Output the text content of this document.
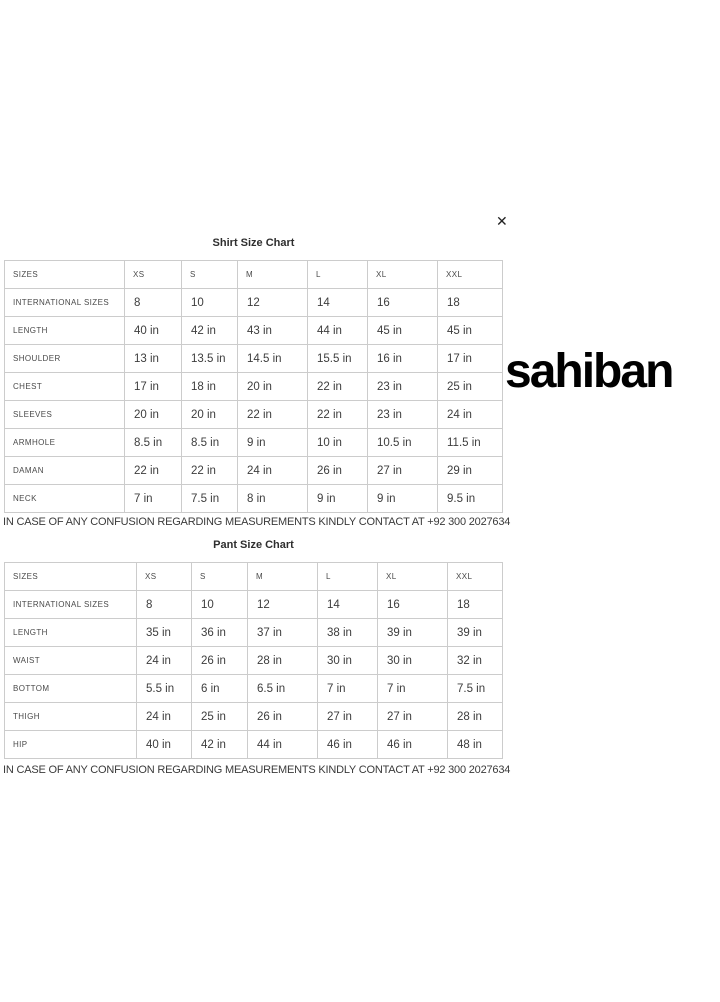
✕
Shirt Size Chart
SIZES	XS	S	M	L	XL	XXL
INTERNATIONAL SIZES	8	10	12	14	16	18
LENGTH	40 in	42 in	43 in	44 in	45 in	45 in
SHOULDER	13 in	13.5 in	14.5 in	15.5 in	16 in	17 in
CHEST	17 in	18 in	20 in	22 in	23 in	25 in
SLEEVES	20 in	20 in	22 in	22 in	23 in	24 in
ARMHOLE	8.5 in	8.5 in	9 in	10 in	10.5 in	11.5 in
DAMAN	22 in	22 in	24 in	26 in	27 in	29 in
NECK	7 in	7.5 in	8 in	9 in	9 in	9.5 in
IN CASE OF ANY CONFUSION REGARDING MEASUREMENTS KINDLY CONTACT AT +92 300 2027634
Pant Size Chart
SIZES	XS	S	M	L	XL	XXL
INTERNATIONAL SIZES	8	10	12	14	16	18
LENGTH	35 in	36 in	37 in	38 in	39 in	39 in
WAIST	24 in	26 in	28 in	30 in	30 in	32 in
BOTTOM	5.5 in	6 in	6.5 in	7 in	7 in	7.5 in
THIGH	24 in	25 in	26 in	27 in	27 in	28 in
HIP	40 in	42 in	44 in	46 in	46 in	48 in
IN CASE OF ANY CONFUSION REGARDING MEASUREMENTS KINDLY CONTACT AT +92 300 2027634
sahiban
